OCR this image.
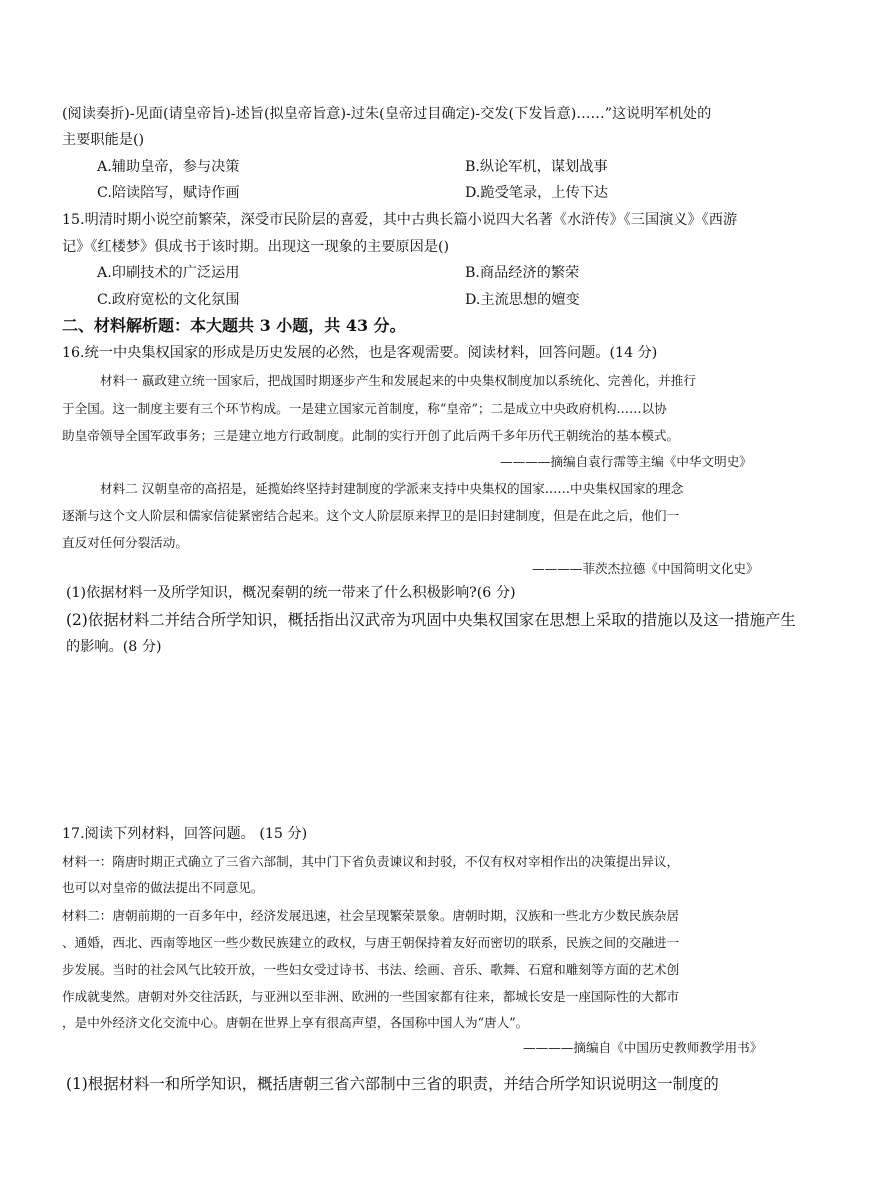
(阅读奏折)-见面(请皇帝旨)-述旨(拟皇帝旨意)-过朱(皇帝过目确定)-交发(下发旨意)……”这说明军机处的
主要职能是()
A.辅助皇帝，参与决策	B.纵论军机，谋划战事
C.陪读陪写，赋诗作画	D.跪受笔录，上传下达
15.明清时期小说空前繁荣，深受市民阶层的喜爱，其中古典长篇小说四大名著《水浒传》《三国演义》《西游
记》《红楼梦》俱成书于该时期。出现这一现象的主要原因是()
A.印刷技术的广泛运用	B.商品经济的繁荣
C.政府宽松的文化氛围	D.主流思想的嬗变
二、材料解析题：本大题共 3 小题，共 43 分。
16.统一中央集权国家的形成是历史发展的必然，也是客观需要。阅读材料，回答问题。(14 分)
材料一 嬴政建立统一国家后，把战国时期逐步产生和发展起来的中央集权制度加以系统化、完善化，并推行
于全国。这一制度主要有三个环节构成。一是建立国家元首制度，称“皇帝”；二是成立中央政府机构……以协
助皇帝领导全国军政事务；三是建立地方行政制度。此制的实行开创了此后两千多年历代王朝统治的基本模式。
————摘编自袁行霈等主编《中华文明史》
材料二 汉朝皇帝的高招是，延揽始终坚持封建制度的学派来支持中央集权的国家……中央集权国家的理念
逐渐与这个文人阶层和儒家信徒紧密结合起来。这个文人阶层原来捍卫的是旧封建制度，但是在此之后，他们一
直反对任何分裂活动。
————菲茨杰拉德《中国简明文化史》
(1)依据材料一及所学知识，概况秦朝的统一带来了什么积极影响?(6 分)
(2)依据材料二并结合所学知识，概括指出汉武帝为巩固中央集权国家在思想上采取的措施以及这一措施产生
的影响。(8 分)
17.阅读下列材料，回答问题。 (15 分)
材料一：隋唐时期正式确立了三省六部制，其中门下省负责谏议和封驳，不仅有权对宰相作出的决策提出异议，
也可以对皇帝的做法提出不同意见。
材料二：唐朝前期的一百多年中，经济发展迅速，社会呈现繁荣景象。唐朝时期，汉族和一些北方少数民族杂居
、通婚，西北、西南等地区一些少数民族建立的政权，与唐王朝保持着友好而密切的联系，民族之间的交融进一
步发展。当时的社会风气比较开放，一些妇女受过诗书、书法、绘画、音乐、歌舞、石窟和雕刻等方面的艺术创
作成就斐然。唐朝对外交往活跃，与亚洲以至非洲、欧洲的一些国家都有往来，都城长安是一座国际性的大都市
，是中外经济文化交流中心。唐朝在世界上享有很高声望，各国称中国人为“唐人”。
————摘编自《中国历史教师教学用书》
(1)根据材料一和所学知识，概括唐朝三省六部制中三省的职责，并结合所学知识说明这一制度的
